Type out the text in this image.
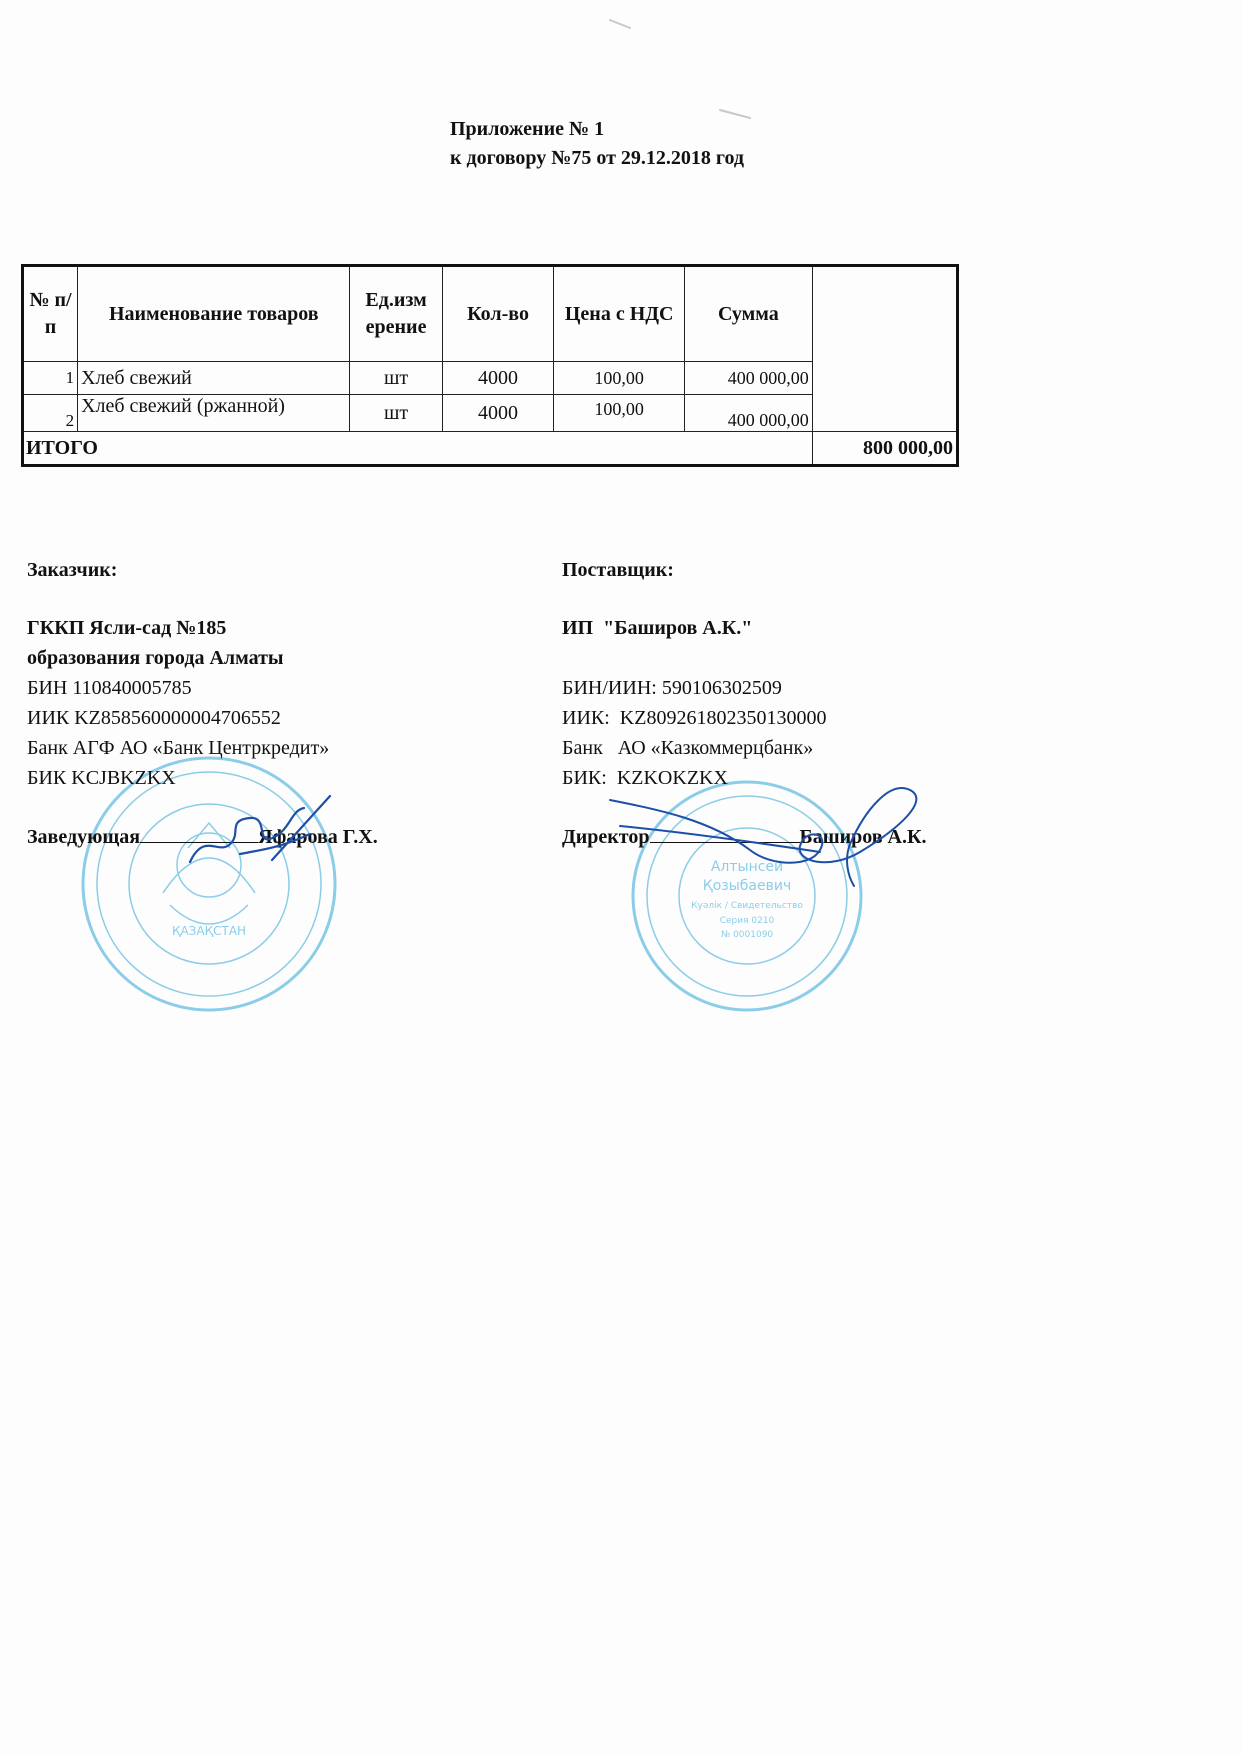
Приложение № 1
к договору №75 от 29.12.2018 год
№ п/п	Наименование товаров	Ед.изм ерение	Кол-во	Цена с НДС	Сумма	
1	Хлеб свежий	шт	4000	100,00	400 000,00	
2	Хлеб свежий (ржанной)	шт	4000	100,00	400 000,00	
ИТОГО						800 000,00
ҚАЗАҚСТАН
Алтынсей
Қозыбаевич
Куәлік / Свидетельство
Серия 0210
№ 0001090
Заказчик:
ГККП Ясли-сад №185
образования города Алматы
БИН 110840005785
ИИК KZ858560000004706552
Банк АГФ АО «Банк Центркредит»
БИК KCJBKZKX
Заведующая	Яфарова Г.Х.
Поставщик:
ИП  "Баширов А.К."
БИН/ИИН: 590106302509
ИИК:  KZ809261802350130000
Банк   АО «Казкоммерцбанк»
БИК:  KZKOKZKX
Директор	Баширов А.К.
